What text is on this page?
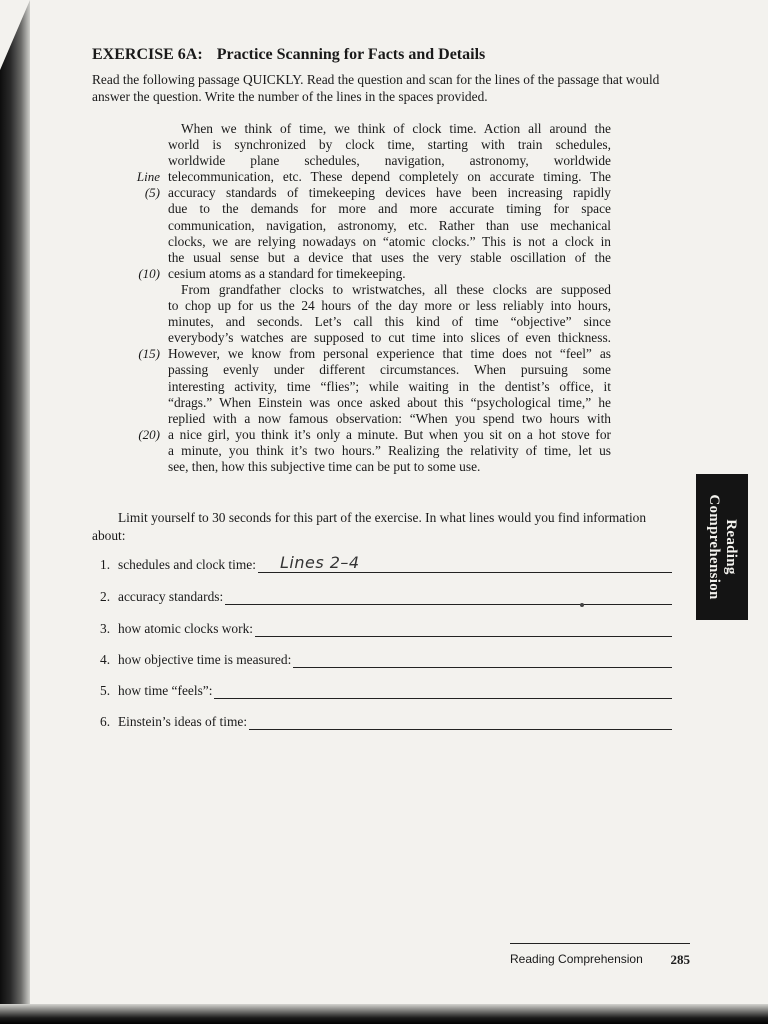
EXERCISE 6A: Practice Scanning for Facts and Details
Read the following passage QUICKLY. Read the question and scan for the lines of the passage that would answer the question. Write the number of the lines in the spaces provided.
Line
(5)
(10)
(15)
(20)
When we think of time, we think of clock time. Action all around the
world is synchronized by clock time, starting with train schedules,
worldwide plane schedules, navigation, astronomy, worldwide
telecommunication, etc. These depend completely on accurate timing. The
accuracy standards of timekeeping devices have been increasing rapidly
due to the demands for more and more accurate timing for space
communication, navigation, astronomy, etc. Rather than use mechanical
clocks, we are relying nowadays on “atomic clocks.” This is not a clock in
the usual sense but a device that uses the very stable oscillation of the
cesium atoms as a standard for timekeeping.
From grandfather clocks to wristwatches, all these clocks are supposed
to chop up for us the 24 hours of the day more or less reliably into hours,
minutes, and seconds. Let’s call this kind of time “objective” since
everybody’s watches are supposed to cut time into slices of even thickness.
However, we know from personal experience that time does not “feel” as
passing evenly under different circumstances. When pursuing some
interesting activity, time “flies”; while waiting in the dentist’s office, it
“drags.” When Einstein was once asked about this “psychological time,” he
replied with a now famous observation: “When you spend two hours with
a nice girl, you think it’s only a minute. But when you sit on a hot stove for
a minute, you think it’s two hours.” Realizing the relativity of time, let us
see, then, how this subjective time can be put to some use.
Limit yourself to 30 seconds for this part of the exercise. In what lines would you find information about:
1. schedules and clock time: Lines 2–4
2. accuracy standards:
3. how atomic clocks work:
4. how objective time is measured:
5. how time “feels”:
6. Einstein’s ideas of time:
Reading
Comprehension
Reading Comprehension 285
